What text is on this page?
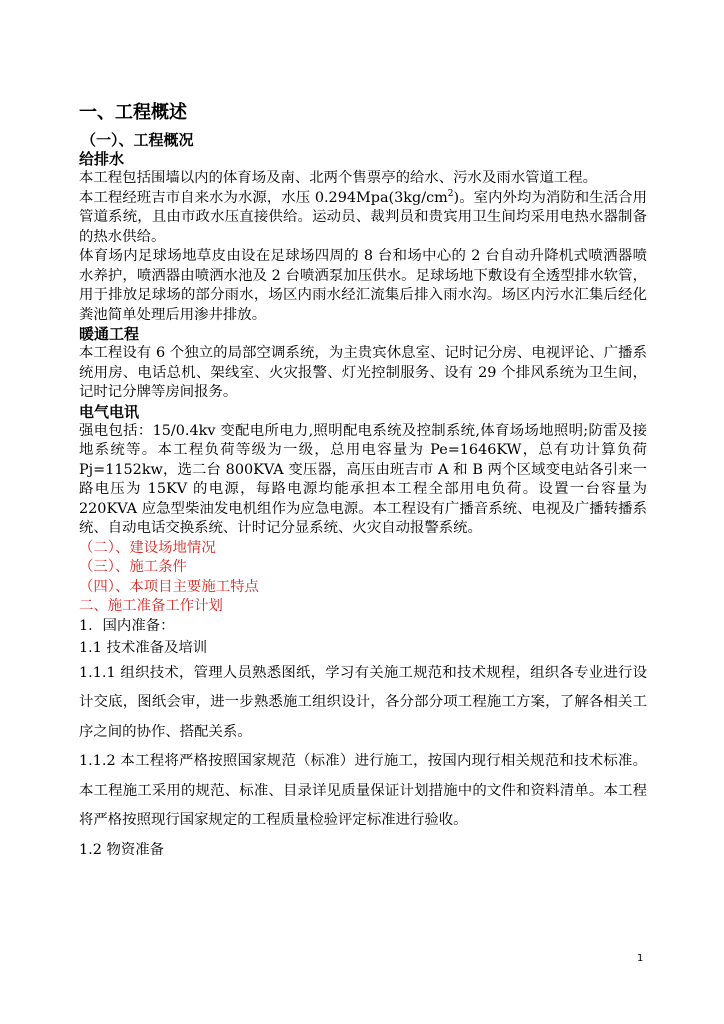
一、工程概述
（一）、工程概况
给排水

本工程包括围墙以内的体育场及南、北两个售票亭的给水、污水及雨水管道工程。

本工程经班吉市自来水为水源，水压 $0.294Mpa(3kg/cm^2)$。室内外均为消防和生活合用管道系统，且由市政水压直接供给。运动员、裁判员和贵宾用卫生间均采用电热水器制备的热水供给。

体育场内足球场地草皮由设在足球场四周的 8 台和场中心的 2 台自动升降机式喷洒器喷水养护，喷洒器由喷洒水池及 2 台喷洒泵加压供水。足球场地下敷设有全透型排水软管，用于排放足球场的部分雨水，场区内雨水经汇流集后排入雨水沟。场区内污水汇集后经化粪池简单处理后用渗井排放。

暖通工程

本工程设有 6 个独立的局部空调系统，为主贵宾休息室、记时记分房、电视评论、广播系统用房、电话总机、架线室、火灾报警、灯光控制服务、设有 29 个排风系统为卫生间，记时记分牌等房间报务。

电气电讯

强电包括：15/0.4kv 变配电所电力,照明配电系统及控制系统,体育场场地照明;防雷及接地系统等。本工程负荷等级为一级，总用电容量为 Pe=1646KW，总有功计算负荷 Pj=1152kw，选二台 800KVA 变压器，高压由班吉市 A 和 B 两个区域变电站各引来一路电压为 15KV 的电源，每路电源均能承担本工程全部用电负荷。设置一台容量为 220KVA 应急型柴油发电机组作为应急电源。本工程设有广播音系统、电视及广播转播系统、自动电话交换系统、计时记分显系统、火灾自动报警系统。

（二）、建设场地情况
（三）、施工条件
（四）、本项目主要施工特点
二、施工准备工作计划
1．国内准备：
1.1 技术准备及培训

1.1.1 组织技术，管理人员熟悉图纸，学习有关施工规范和技术规程，组织各专业进行设计交底，图纸会审，进一步熟悉施工组织设计，各分部分项工程施工方案，了解各相关工序之间的协作、搭配关系。

1.1.2 本工程将严格按照国家规范（标准）进行施工，按国内现行相关规范和技术标准。本工程施工采用的规范、标准、目录详见质量保证计划措施中的文件和资料清单。本工程将严格按照现行国家规定的工程质量检验评定标准进行验收。

1.2 物资准备
1
